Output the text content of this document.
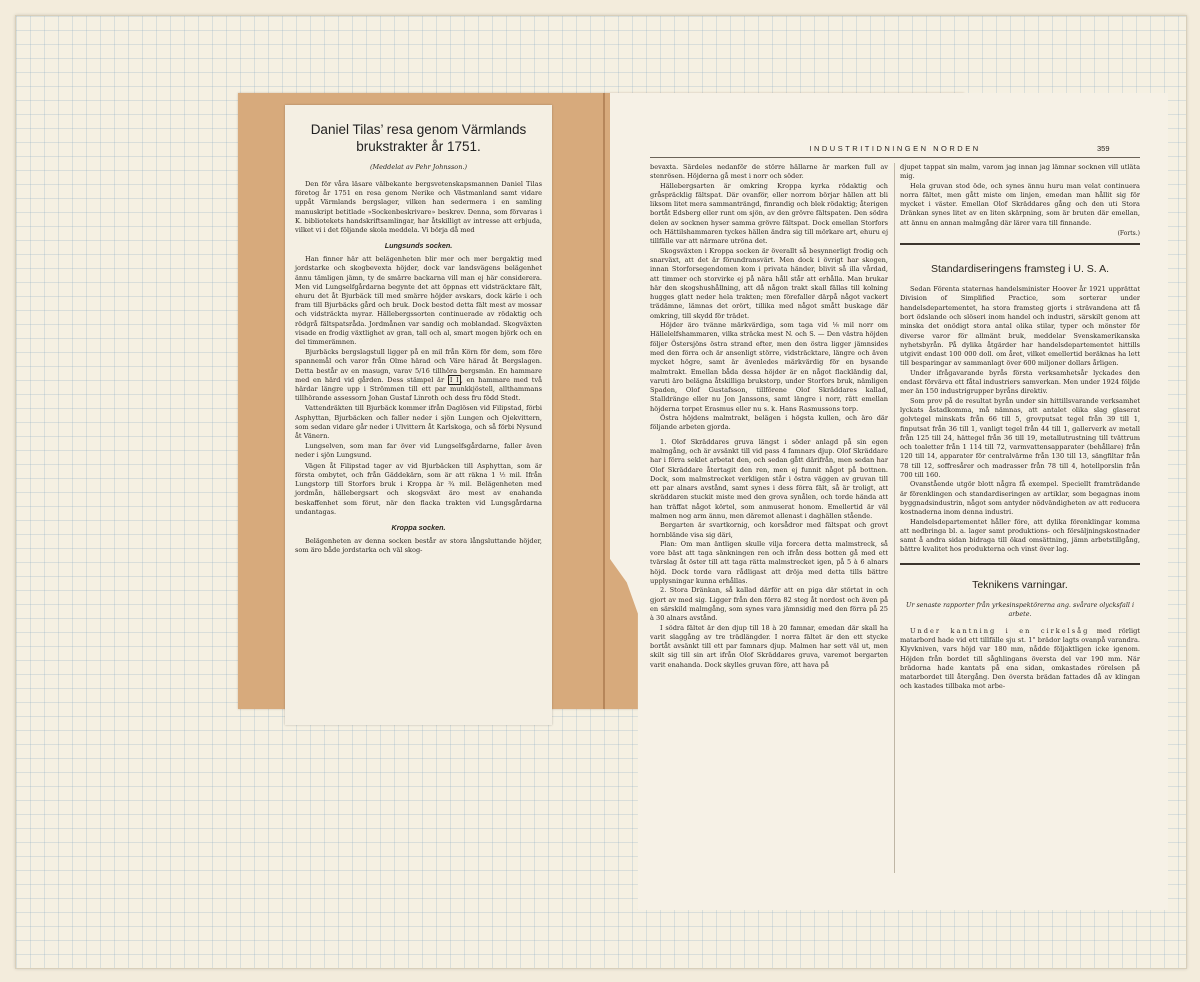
Daniel Tilas’ resa genom Värmlands brukstrakter år 1751.
(Meddelat av Pehr Johnsson.)

Den för våra läsare välbekante bergsvetenskapsmannen Daniel Tilas företog år 1751 en resa genom Nerike och Västmanland samt vidare uppåt Värmlands bergslager, vilken han sedermera i en samling manuskript betitlade »Sockenbeskrivare» beskrev. Denna, som förvaras i K. bibliotekets handskriftsamlingar, har åtskilligt av intresse att erbjuda, vilket vi i det följande skola meddela. Vi börja då med

Lungsunds socken.

Han finner här att belägenheten blir mer och mer bergaktig med jordstarke och skogbevexta höjder, dock var landsvägens belägenhet ännu tämligen jämn, ty de smärre backarna vill man ej här considerera. Men vid Lungselfgårdarna begynte det att öppnas ett vidsträcktare fält, ehuru det åt Bjurbäck till med smärre höjder avskars, dock kärle i och fram till Bjurbäcks gård och bruk. Dock bestod detta fält mest av mossar och vidsträckta myrar. Hällebergssorten continuerade av rödaktig och rödgrå fältspatsråda. Jordmånen var sandig och moblandad. Skogväxten visade en frodig växtlighet av gran, tall och al, smart mogen björk och en del timmerämnen.

Bjurbäcks bergslagstull ligger på en mil från Körn för dem, som före spannemål och varor från Olme härad och Väre härad åt Bergslagen. Detta består av en masugn, varav 5/16 tillhöra bergsmän. En hammare med en härd vid gården. Dess stämpel är I I , en hammare med två härdar längre upp i Strömmen till ett par munkkjöstell, allthammans tillhörande assessorn Johan Gustaf Linroth och dess fru född Stedt.

Vattendräkten till Bjurbäck kommer ifrån Daglösen vid Filipstad, förbi Asphyttan, Bjurbäcken och faller neder i sjön Lungen och Ojekvittern, som sedan vidare går neder i Ulvittern åt Karlskoga, och så förbi Nysund åt Vänern.

Lungselven, som man far över vid Lungselfsgårdarne, faller även neder i sjön Lungsund.

Vägen åt Filipstad tager av vid Bjurbäcken till Asphyttan, som är första ombytet, och från Gäddekärn, som är att räkna 1 ½ mil. Ifrån Lungstorp till Storfors bruk i Kroppa är ¾ mil. Belägenheten med jordmån, hällebergsart och skogsväxt äro mest av enahanda beskaffenhet som förut, när den flacka trakten vid Lungsgårdarna undantagas.

Kroppa socken.

Belägenheten av denna socken består av stora långsluttande höjder, som äro både jordstarka och väl skog-

INDUSTRITIDNINGEN NORDEN	359

bevaxta. Särdeles nedanför de större hällarne är marken full av stenrösen. Höjderna gå mest i norr och söder.

Hällebergsarten är omkring Kroppa kyrka rödaktig och gråspräcklig fältspat. Där ovanför, eller norrom börjar hällen att bli liksom litet mera sammanträngd, finrandig och blek rödaktig; återigen bortåt Edsberg eller runt om sjön, av den grövre fältspaten. Den södra delen av socknen hyser samma grövre fältspat. Dock emellan Storfors och Hättilshammaren tyckes hällen ändra sig till mörkare art, ehuru ej tillfälle var att närmare utröna det.

Skogsväxten i Kroppa socken är överallt så besynnerligt frodig och snarväxt, att det är förundransvärt. Men dock i övrigt har skogen, innan Storforsegendomen kom i privata händer, blivit så illa vårdad, att timmer och storvirke ej på nära håll står att erhålla. Man brukar här den skogshushållning, att då någon trakt skall fällas till kolning hugges glatt neder hela trakten; men förefaller därpå något vackert trädämne, lämnas det orört, tillika med något smått buskage där omkring, till skydd för trädet.

Höjder äro tvänne märkvärdiga, som taga vid ⅛ mil norr om Hällelelfshammaren, vilka sträcka mest N. och S. — Den västra höjden följer Östersjöns östra strand efter, men den östra ligger jämnsides med den förra och är ansenligt större, vidsträcktare, längre och även mycket högre, samt är ävenledes märkvärdig för en bysande malmtrakt. Emellan båda dessa höjder är en något flackländig dal, varuti äro belägna åtskilliga brukstorp, under Storfors bruk, nämligen Spaden, Olof Gustafsson, tillförene Olof Skräddares kallad, Stalldränge eller nu Jon Janssons, samt längre i norr, rätt emellan höjderna torpet Erasmus eller nu s. k. Hans Rasmussons torp.

Östra höjdens malmtrakt, belägen i högsta kullen, och äro där följande arbeten gjorda.

1. Olof Skräddares gruva längst i söder anlagd på sin egen malmgång, och är avsänkt till vid pass 4 famnars djup. Olof Skräddare har i förra seklet arbetat den, och sedan gått därifrån, men sedan har Olof Skräddare återtagit den ren, men ej funnit något på bottnen. Dock, som malmstrecket verkligen står i östra väggen av gruvan till ett par alnars avstånd, samt synes i dess förra fält, så är troligt, att skräddaren stuckit miste med den grova synålen, och torde hända att han träffat något körtel, som anmuserat honom. Emellertid är väl malmen nog arm ännu, men däremot allenast i daghällen stående.

Bergarten är svartkornig, och korsådror med fältspat och grovt hornblände visa sig däri,

Plan: Om man äntligen skulle vilja forcera detta malmstreck, så vore bäst att taga sänkningen ren och ifrån dess botten gå med ett tvärslag åt öster till att taga rätta malmstrecket igen, på 5 à 6 alnars höjd. Dock torde vara rådligast att dröja med detta tills bättre upplysningar kunna erhållas.

2. Stora Dränkan, så kallad därför att en piga där störtat in och gjort av med sig. Ligger från den förra 82 steg åt nordost och även på en särskild malmgång, som synes vara jämnsidig med den förra på 25 à 30 alnars avstånd.

I södra fältet är den djup till 18 à 20 famnar, emedan där skall ha varit slaggång av tre trädlängder. I norra fältet är den ett stycke bortåt avsänkt till ett par famnars djup. Malmen har sett väl ut, men skilt sig till sin art ifrån Olof Skräddares gruva, varemot bergarten varit enahanda. Dock skylles gruvan före, att hava på

djupet tappat sin malm, varom jag innan jag lämnar socknen vill utläta mig.

Hela gruvan stod öde, och synes ännu huru man velat continuera norra fältet, men gått miste om linjen, emedan man hållit sig för mycket i väster. Emellan Olof Skräddares gång och den uti Stora Dränkan synes litet av en liten skärpning, som är bruten där emellan, att ännu en annan malmgång där lärer vara till finnande.

(Forts.)
Standardiseringens framsteg i U. S. A.

Sedan Förenta staternas handelsminister Hoover år 1921 upprättat Division of Simplified Practice, som sorterar under handelsdepartementet, ha stora framsteg gjorts i strävandena att få bort ödslande och slöseri inom handel och industri, särskilt genom att minska det onödigt stora antal olika stilar, typer och mönster för diverse varor för allmänt bruk, meddelar Svenskamerikanska nyhetsbyrån. På dylika åtgärder har handelsdepartementet hittills utgivit endast 100 000 doll. om året, vilket emellertid beräknas ha lett till besparingar av sammanlagt över 600 miljoner dollars årligen.

Under ifrågavarande byrås första verksamhetsår lyckades den endast förvärva ett fåtal industriers samverkan. Men under 1924 följde mer än 150 industrigrupper byråns direktiv.

Som prov på de resultat byrån under sin hittillsvarande verksamhet lyckats åstadkomma, må nämnas, att antalet olika slag glaserat golvtegel minskats från 66 till 5, grovputsat tegel från 39 till 1, finputsat från 36 till 1, vanligt tegel från 44 till 1, gallerverk av metall från 125 till 24, hättegel från 36 till 19, metallutrustning till tvättrum och toaletter från 1 114 till 72, varmvattensapparater (behållare) från 120 till 14, apparater för centralvärme från 130 till 13, sängfiltar från 78 till 12, soffresårer och madrasser från 78 till 4, hotellporslin från 700 till 160.

Ovanstående utgör blott några få exempel. Speciellt framträdande är förenklingen och standardiseringen av artiklar, som begagnas inom byggnadsindustrin, något som antyder nödvändigheten av att reducera kostnaderna inom denna industri.

Handelsdepartementet håller före, att dylika förenklingar komma att nedbringa bl. a. lager samt produktions- och försäljningskostnader samt å andra sidan bidraga till ökad omsättning, jämn arbetstillgång, bättre kvalitet hos produkterna och vinst över lag.

Teknikens varningar.
Ur senaste rapporter från yrkesinspektörerna ang. svårare olycksfall i arbete.

Under kantning i en cirkelsåg med rörligt matarbord hade vid ett tillfälle sju st. 1" brädor lagts ovanpå varandra. Klyvkniven, vars höjd var 180 mm, nådde följaktligen icke igenom. Höjden från bordet till såghlingans översta del var 190 mm. När brädorna hade kantats på ena sidan, omkastades rörelsen på matarbordet till återgång. Den översta brädan fattades då av klingan och kastades tillbaka mot arbe-
